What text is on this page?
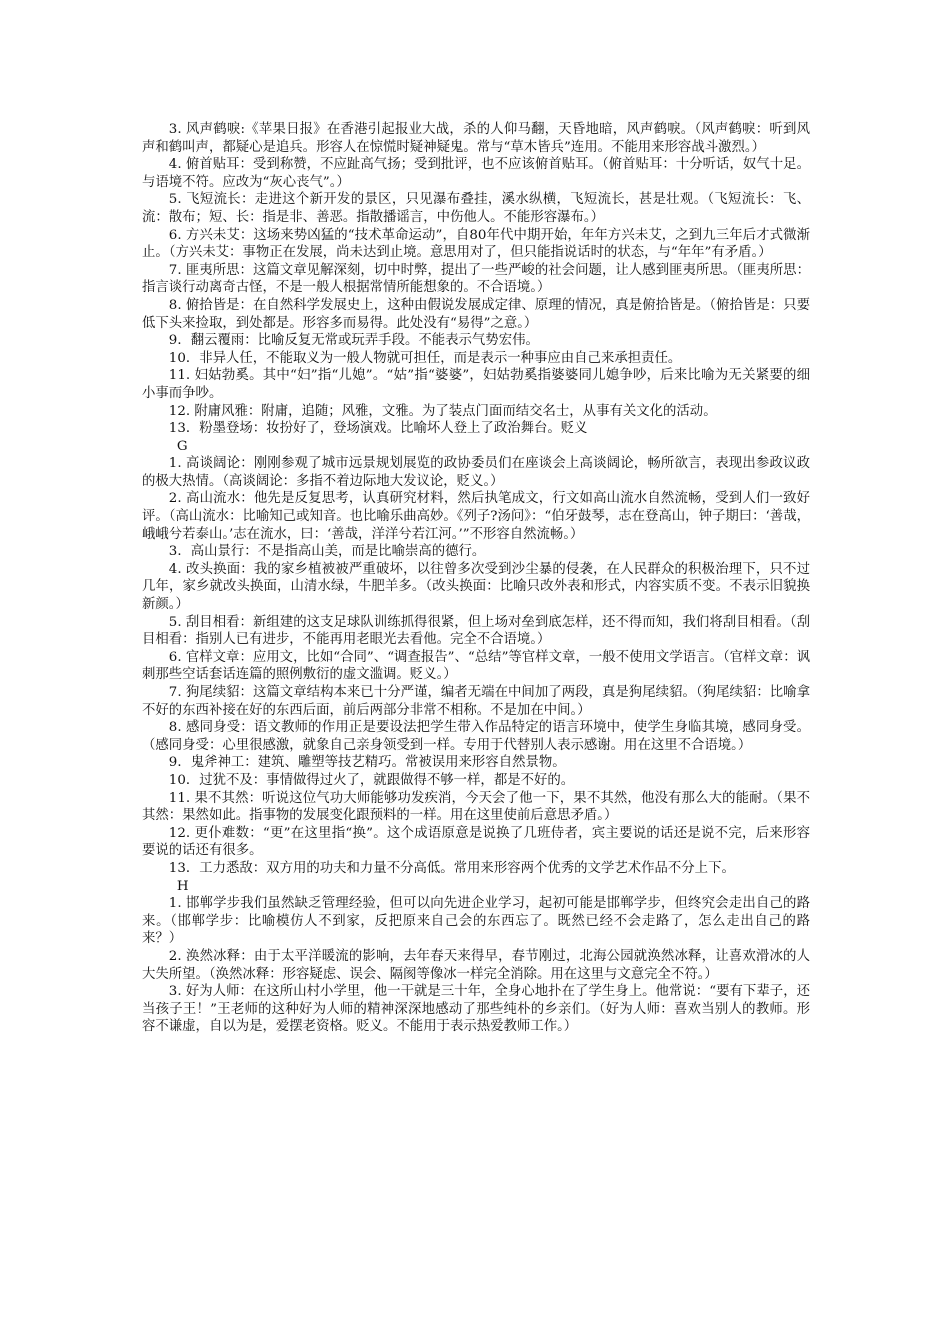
3. 风声鹤唳:《苹果日报》在香港引起报业大战，杀的人仰马翻，天昏地暗，风声鹤唳。（风声鹤唳：听到风声和鹤叫声，都疑心是追兵。形容人在惊慌时疑神疑鬼。常与“草木皆兵”连用。不能用来形容战斗激烈。）

4. 俯首贴耳：受到称赞，不应趾高气扬；受到批评，也不应该俯首贴耳。（俯首贴耳：十分听话，奴气十足。与语境不符。应改为“灰心丧气”。）

5. 飞短流长：走进这个新开发的景区，只见瀑布叠挂，溪水纵横，飞短流长，甚是壮观。（飞短流长：飞、流：散布；短、长：指是非、善恶。指散播谣言，中伤他人。不能形容瀑布。）

6. 方兴未艾：这场来势凶猛的“技术革命运动”，自80年代中期开始，年年方兴未艾，之到九三年后才式微渐止。（方兴未艾：事物正在发展，尚未达到止境。意思用对了，但只能指说话时的状态，与“年年”有矛盾。）

7. 匪夷所思：这篇文章见解深刻，切中时弊，提出了一些严峻的社会问题，让人感到匪夷所思。（匪夷所思：指言谈行动离奇古怪，不是一般人根据常情所能想象的。不合语境。）

8. 俯拾皆是：在自然科学发展史上，这种由假说发展成定律、原理的情况，真是俯拾皆是。（俯拾皆是：只要低下头来捡取，到处都是。形容多而易得。此处没有“易得”之意。）

9．翻云覆雨：比喻反复无常或玩弄手段。不能表示气势宏伟。

10．非异人任，不能取义为一般人物就可担任，而是表示一种事应由自己来承担责任。

11. 妇姑勃奚。其中“妇”指“儿媳”。“姑”指“婆婆”，妇姑勃奚指婆婆同儿媳争吵，后来比喻为无关紧要的细小事而争吵。

12. 附庸风雅：附庸，追随；风雅，文雅。为了装点门面而结交名士，从事有关文化的活动。

13．粉墨登场：妆扮好了，登场演戏。比喻坏人登上了政治舞台。贬义

G

1. 高谈阔论：刚刚参观了城市远景规划展览的政协委员们在座谈会上高谈阔论，畅所欲言，表现出参政议政的极大热情。（高谈阔论：多指不着边际地大发议论，贬义。）

2. 高山流水：他先是反复思考，认真研究材料，然后执笔成文，行文如高山流水自然流畅，受到人们一致好评。（高山流水：比喻知己或知音。也比喻乐曲高妙。《列子?汤问》：“伯牙鼓琴，志在登高山，钟子期曰：‘善哉，峨峨兮若泰山。’志在流水，曰：‘善哉，洋洋兮若江河。’”不形容自然流畅。）

3．高山景行：不是指高山美，而是比喻崇高的德行。

4. 改头换面：我的家乡植被被严重破坏，以往曾多次受到沙尘暴的侵袭，在人民群众的积极治理下，只不过几年，家乡就改头换面，山清水绿，牛肥羊多。（改头换面：比喻只改外表和形式，内容实质不变。不表示旧貌换新颜。）

5. 刮目相看：新组建的这支足球队训练抓得很紧，但上场对垒到底怎样，还不得而知，我们将刮目相看。（刮目相看：指别人已有进步，不能再用老眼光去看他。完全不合语境。）

6. 官样文章：应用文，比如“合同”、“调查报告”、“总结”等官样文章，一般不使用文学语言。（官样文章：讽刺那些空话套话连篇的照例敷衍的虚文滥调。贬义。）

7. 狗尾续貂：这篇文章结构本来已十分严谨，编者无端在中间加了两段，真是狗尾续貂。（狗尾续貂：比喻拿不好的东西补接在好的东西后面，前后两部分非常不相称。不是加在中间。）

8. 感同身受：语文教师的作用正是要设法把学生带入作品特定的语言环境中，使学生身临其境，感同身受。（感同身受：心里很感激，就象自己亲身领受到一样。专用于代替别人表示感谢。用在这里不合语境。）

9．鬼斧神工：建筑、雕塑等技艺精巧。常被误用来形容自然景物。

10．过犹不及：事情做得过火了，就跟做得不够一样，都是不好的。

11. 果不其然：听说这位气功大师能够功发疾消，今天会了他一下，果不其然，他没有那么大的能耐。（果不其然：果然如此。指事物的发展变化跟预料的一样。用在这里使前后意思矛盾。）

12. 更仆难数：“更”在这里指“换”。这个成语原意是说换了几班侍者，宾主要说的话还是说不完，后来形容要说的话还有很多。

13．工力悉敌：双方用的功夫和力量不分高低。常用来形容两个优秀的文学艺术作品不分上下。

H

1. 邯郸学步我们虽然缺乏管理经验，但可以向先进企业学习，起初可能是邯郸学步，但终究会走出自己的路来。（邯郸学步：比喻模仿人不到家，反把原来自己会的东西忘了。既然已经不会走路了，怎么走出自己的路来？）

2. 涣然冰释：由于太平洋暖流的影响，去年春天来得早，春节刚过，北海公园就涣然冰释，让喜欢滑冰的人大失所望。（涣然冰释：形容疑虑、误会、隔阂等像冰一样完全消除。用在这里与文意完全不符。）

3. 好为人师：在这所山村小学里，他一干就是三十年，全身心地扑在了学生身上。他常说：“要有下辈子，还当孩子王！”王老师的这种好为人师的精神深深地感动了那些纯朴的乡亲们。（好为人师：喜欢当别人的教师。形容不谦虚，自以为是，爱摆老资格。贬义。不能用于表示热爱教师工作。）
